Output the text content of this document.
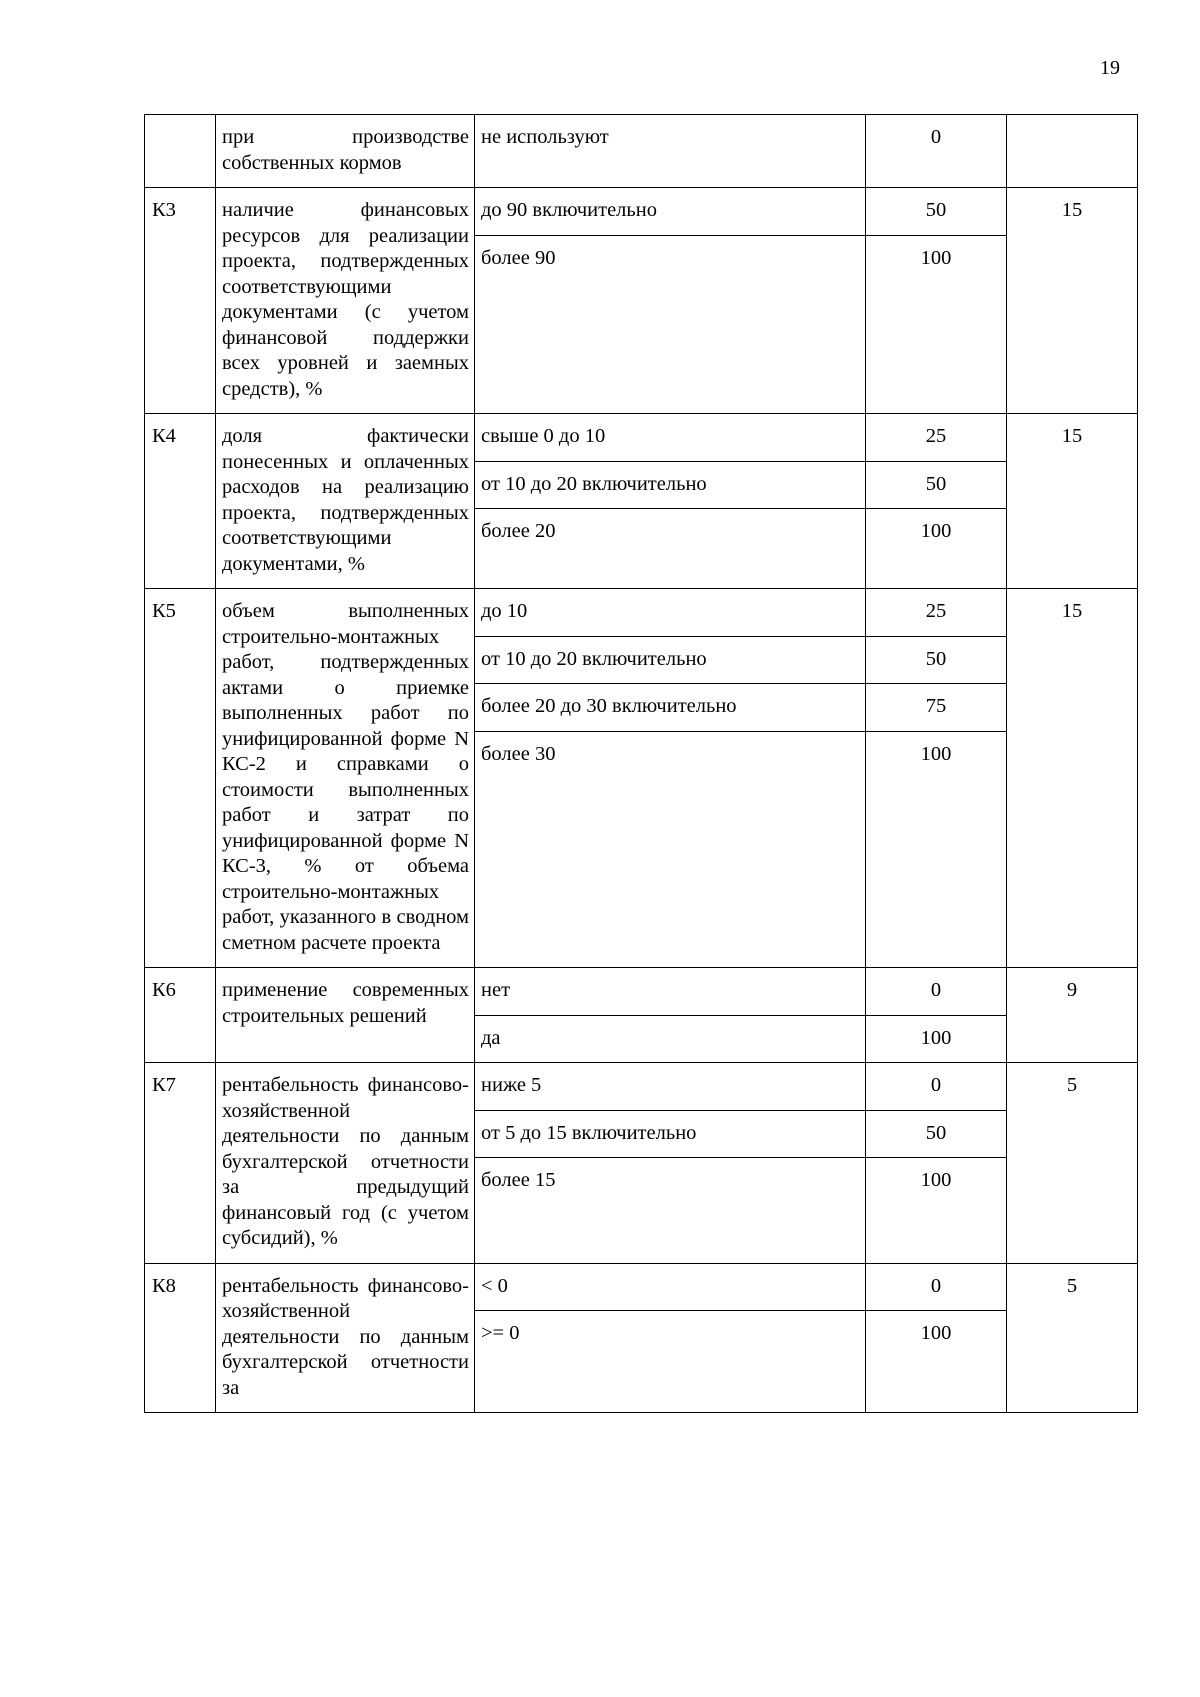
19
	при производстве собственных кормов	не используют	0	
К3	наличие финансовых ресурсов для реализации проекта, подтвержденных соответствующими документами (с учетом финансовой поддержки всех уровней и заемных средств), %	до 90 включительно	50	15
		более 90	100	
К4	доля фактически понесенных и оплаченных расходов на реализацию проекта, подтвержденных соответствующими документами, %	свыше 0 до 10	25	15
		от 10 до 20 включительно	50	
		более 20	100	
К5	объем выполненных строительно-монтажных работ, подтвержденных актами о приемке выполненных работ по унифицированной форме N КС-2 и справками о стоимости выполненных работ и затрат по унифицированной форме N КС-3, % от объема строительно-монтажных работ, указанного в сводном сметном расчете проекта	до 10	25	15
		от 10 до 20 включительно	50	
		более 20 до 30 включительно	75	
		более 30	100	
К6	применение современных строительных решений	нет	0	9
		да	100	
К7	рентабельность финансово-хозяйственной деятельности по данным бухгалтерской отчетности за предыдущий финансовый год (с учетом субсидий), %	ниже 5	0	5
		от 5 до 15 включительно	50	
		более 15	100	
К8	рентабельность финансово-хозяйственной деятельности по данным бухгалтерской отчетности за	< 0	0	5
		>= 0	100	
